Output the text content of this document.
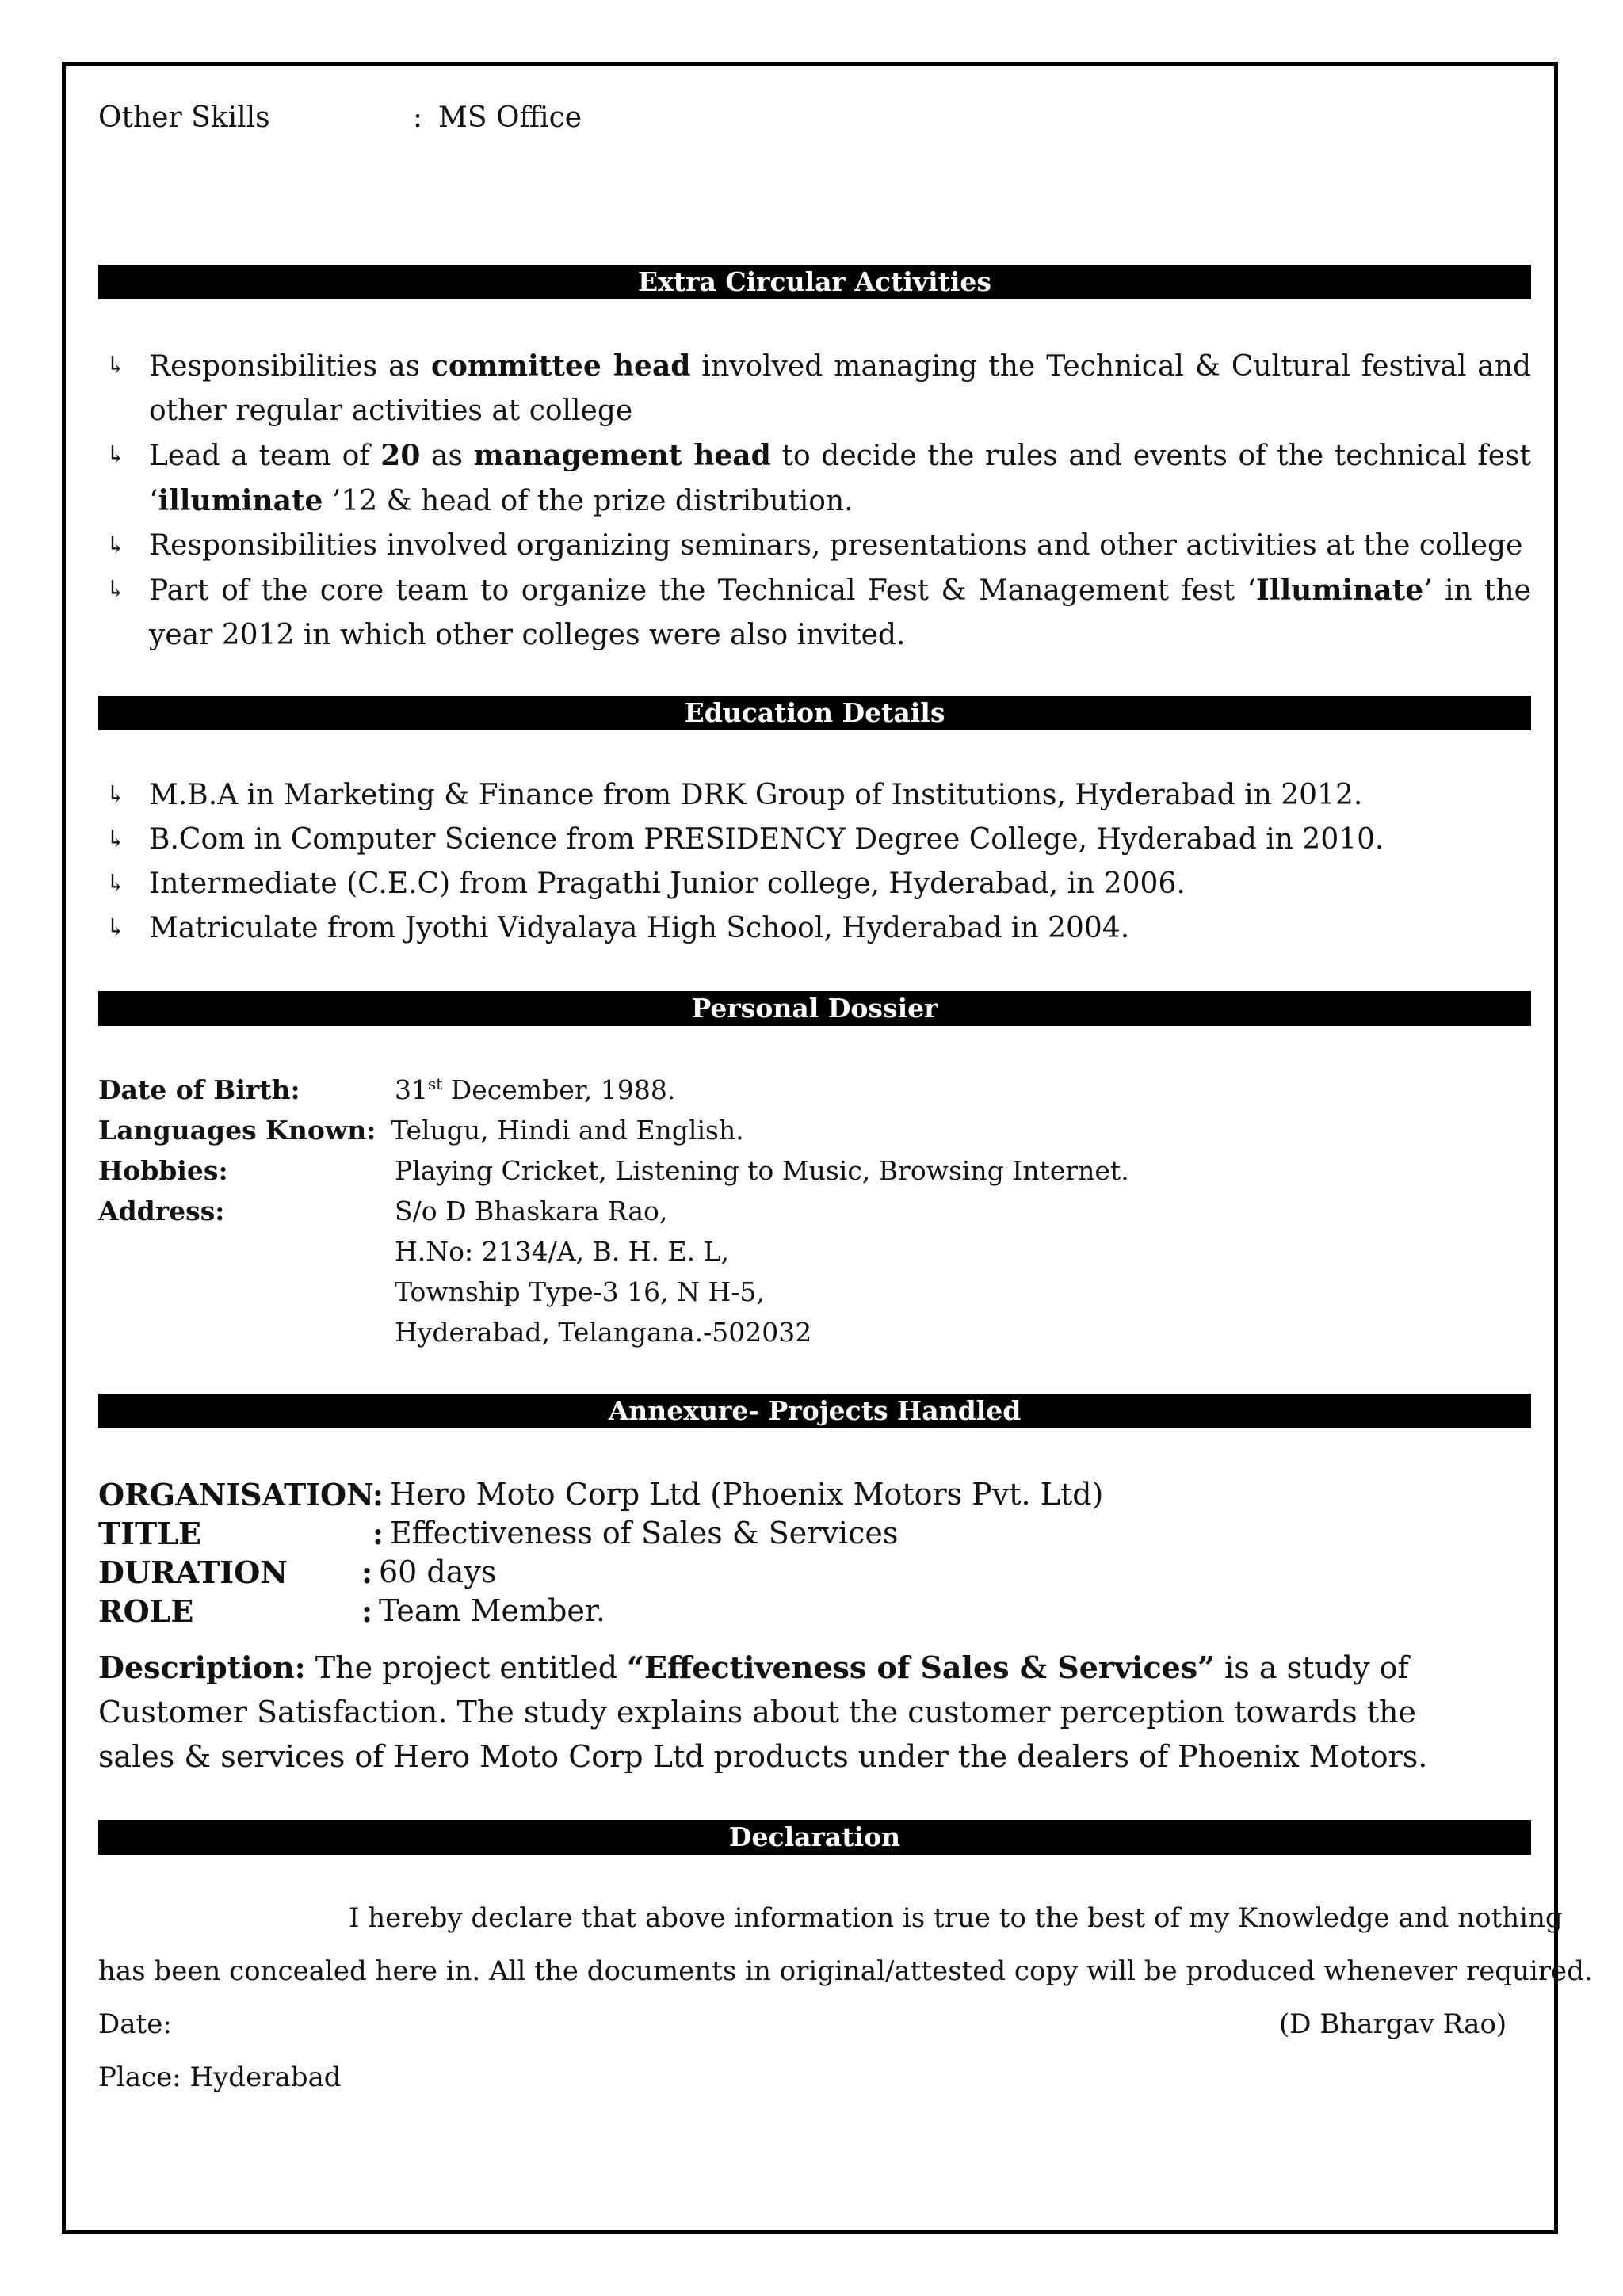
Other Skills	: MS Office
Extra Circular Activities
↳ Responsibilities as committee head involved managing the Technical & Cultural festival and other regular activities at college
↳ Lead a team of 20 as management head to decide the rules and events of the technical fest ‘illuminate ’12 & head of the prize distribution.
↳ Responsibilities involved organizing seminars, presentations and other activities at the college
↳ Part of the core team to organize the Technical Fest & Management fest ‘Illuminate’ in the year 2012 in which other colleges were also invited.
Education Details
↳ M.B.A in Marketing & Finance from DRK Group of Institutions, Hyderabad in 2012.
↳ B.Com in Computer Science from PRESIDENCY Degree College, Hyderabad in 2010.
↳ Intermediate (C.E.C) from Pragathi Junior college, Hyderabad, in 2006.
↳ Matriculate from Jyothi Vidyalaya High School, Hyderabad in 2004.
Personal Dossier
Date of Birth:	31st December, 1988.
Languages Known: Telugu, Hindi and English.
Hobbies:	Playing Cricket, Listening to Music, Browsing Internet.
Address:	S/o D Bhaskara Rao,
H.No: 2134/A, B. H. E. L,
Township Type-3 16, N H-5,
Hyderabad, Telangana.-502032
Annexure- Projects Handled
ORGANISATION
: Hero Moto Corp Ltd (Phoenix Motors Pvt. Ltd)
TITLE	: Effectiveness of Sales & Services
DURATION : 60 days
ROLE	: Team Member.
Description: The project entitled “Effectiveness of Sales & Services” is a study of Customer Satisfaction. The study explains about the customer perception towards the sales & services of Hero Moto Corp Ltd products under the dealers of Phoenix Motors.
Declaration
I hereby declare that above information is true to the best of my Knowledge and nothing
has been concealed here in. All the documents in original/attested copy will be produced whenever required.
Date:	(D Bhargav Rao)
Place: Hyderabad
